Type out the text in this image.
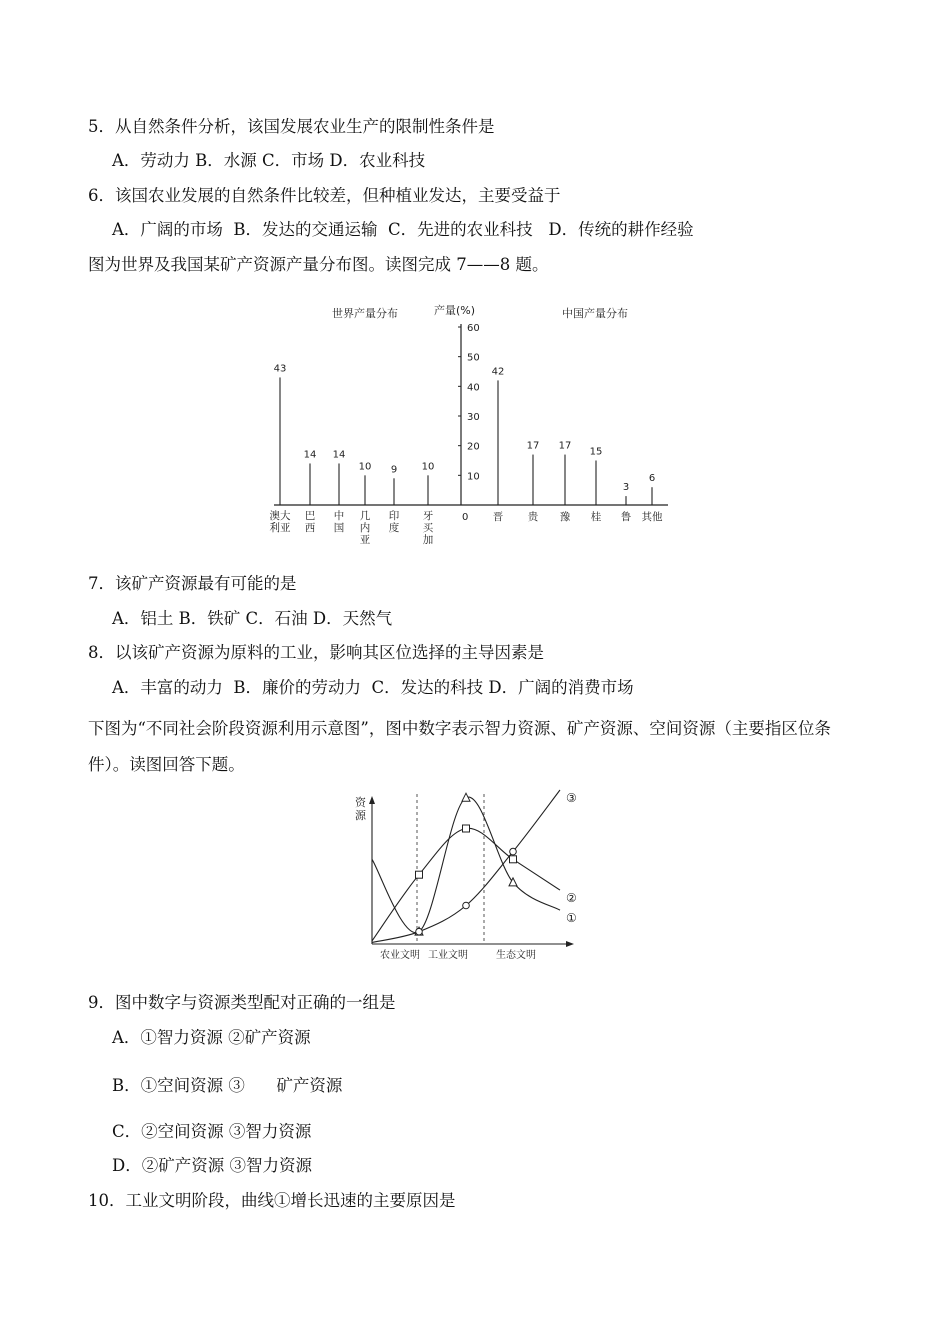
5．从自然条件分析，该国发展农业生产的限制性条件是
A．劳动力 B．水源 C．市场 D．农业科技
6．该国农业发展的自然条件比较差，但种植业发达，主要受益于
A．广阔的市场  B．发达的交通运输  C．先进的农业科技   D．传统的耕作经验
图为世界及我国某矿产资源产量分布图。读图完成 7——8 题。
世界产量分布	产量(%)	中国产量分布
60
50
40
30
20
10
0
43
澳大利亚
14
巴西
14
中国
10
几内亚
9
印度
10
牙买加
42
晋
17
贵
17
豫
15
桂
3
鲁
6
其他
7．该矿产资源最有可能的是
A．铝土 B．铁矿 C．石油 D．天然气
8．以该矿产资源为原料的工业，影响其区位选择的主导因素是
A．丰富的动力  B．廉价的劳动力  C．发达的科技 D．广阔的消费市场
下图为“不同社会阶段资源利用示意图”，图中数字表示智力资源、矿产资源、空间资源（主要指区位条件）。读图回答下题。
资
源
①
②
③
农业文明 工业文明	生态文明
9．图中数字与资源类型配对正确的一组是
A．①智力资源 ②矿产资源
B．①空间资源 ③      矿产资源
C．②空间资源 ③智力资源
D．②矿产资源 ③智力资源
10．工业文明阶段，曲线①增长迅速的主要原因是
